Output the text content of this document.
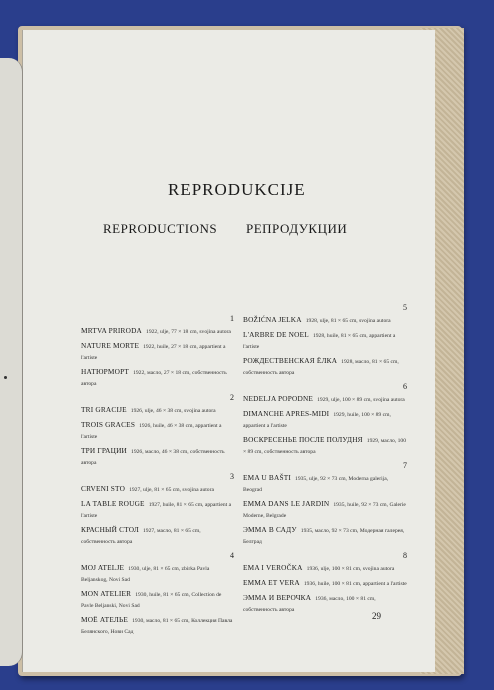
REPRODUKCIJE
REPRODUCTIONS РЕПРОДУКЦИИ
1
MRTVA PRIRODA 1922, ulje, 77 × 18 cm, svojina autora
NATURE MORTE 1922, huile, 27 × 18 cm, appartient a l'artiste
НАТЮРМОРТ 1922, масло, 27 × 18 cm, собственность автора
2
TRI GRACIJE 1926, ulje, 46 × 38 cm, svojina autora
TROIS GRACES 1926, huile, 46 × 38 cm, appartient a l'artiste
ТРИ ГРАЦИИ 1926, масло, 46 × 38 cm, собственность автора
3
CRVENI STO 1927, ulje, 81 × 65 cm, svojina autora
LA TABLE ROUGE 1927, huile, 81 × 65 cm, appartient a l'artiste
КРАСНЫЙ СТОЛ 1927, масло, 81 × 65 cm, собственность автора
4
MOJ ATELJE 1930, ulje, 81 × 65 cm, zbirka Pavla Beljanskog, Novi Sad
MON ATELIER 1930, huile, 81 × 65 cm, Collection de Pavle Beljanski, Novi Sad
МОЁ АТЕЛЬЕ 1930, масло, 81 × 65 cm, Коллекция Павла Белянского, Нови Сад
5
BOŽIĆNA JELKA 1928, ulje, 81 × 65 cm, svojina autora
L'ARBRE DE NOEL 1928, huile, 81 × 65 cm, appartient a l'artiste
РОЖДЕСТВЕНСКАЯ ЁЛКА 1928, масло, 81 × 65 cm, собственность автора
6
NEDELJA POPODNE 1929, ulje, 100 × 89 cm, svojina autora
DIMANCHE APRES-MIDI 1929, huile, 100 × 89 cm, appartient a l'artiste
ВОСКРЕСЕНЬЕ ПОСЛЕ ПОЛУДНЯ 1929, масло, 100 × 89 cm, собственность автора
7
EMA U BAŠTI 1935, ulje, 92 × 73 cm, Moderna galerija, Beograd
EMMA DANS LE JARDIN 1935, huile, 92 × 73 cm, Galerie Moderne, Belgrade
ЭММА В САДУ 1935, масло, 92 × 73 cm, Модерная галерея, Белград
8
EMA I VEROČKA 1936, ulje, 100 × 81 cm, svojina autora
EMMA ET VERA 1936, huile, 100 × 81 cm, appartient a l'artiste
ЭММА И ВЕРОЧКА 1936, масло, 100 × 81 cm, собственность автора
29
